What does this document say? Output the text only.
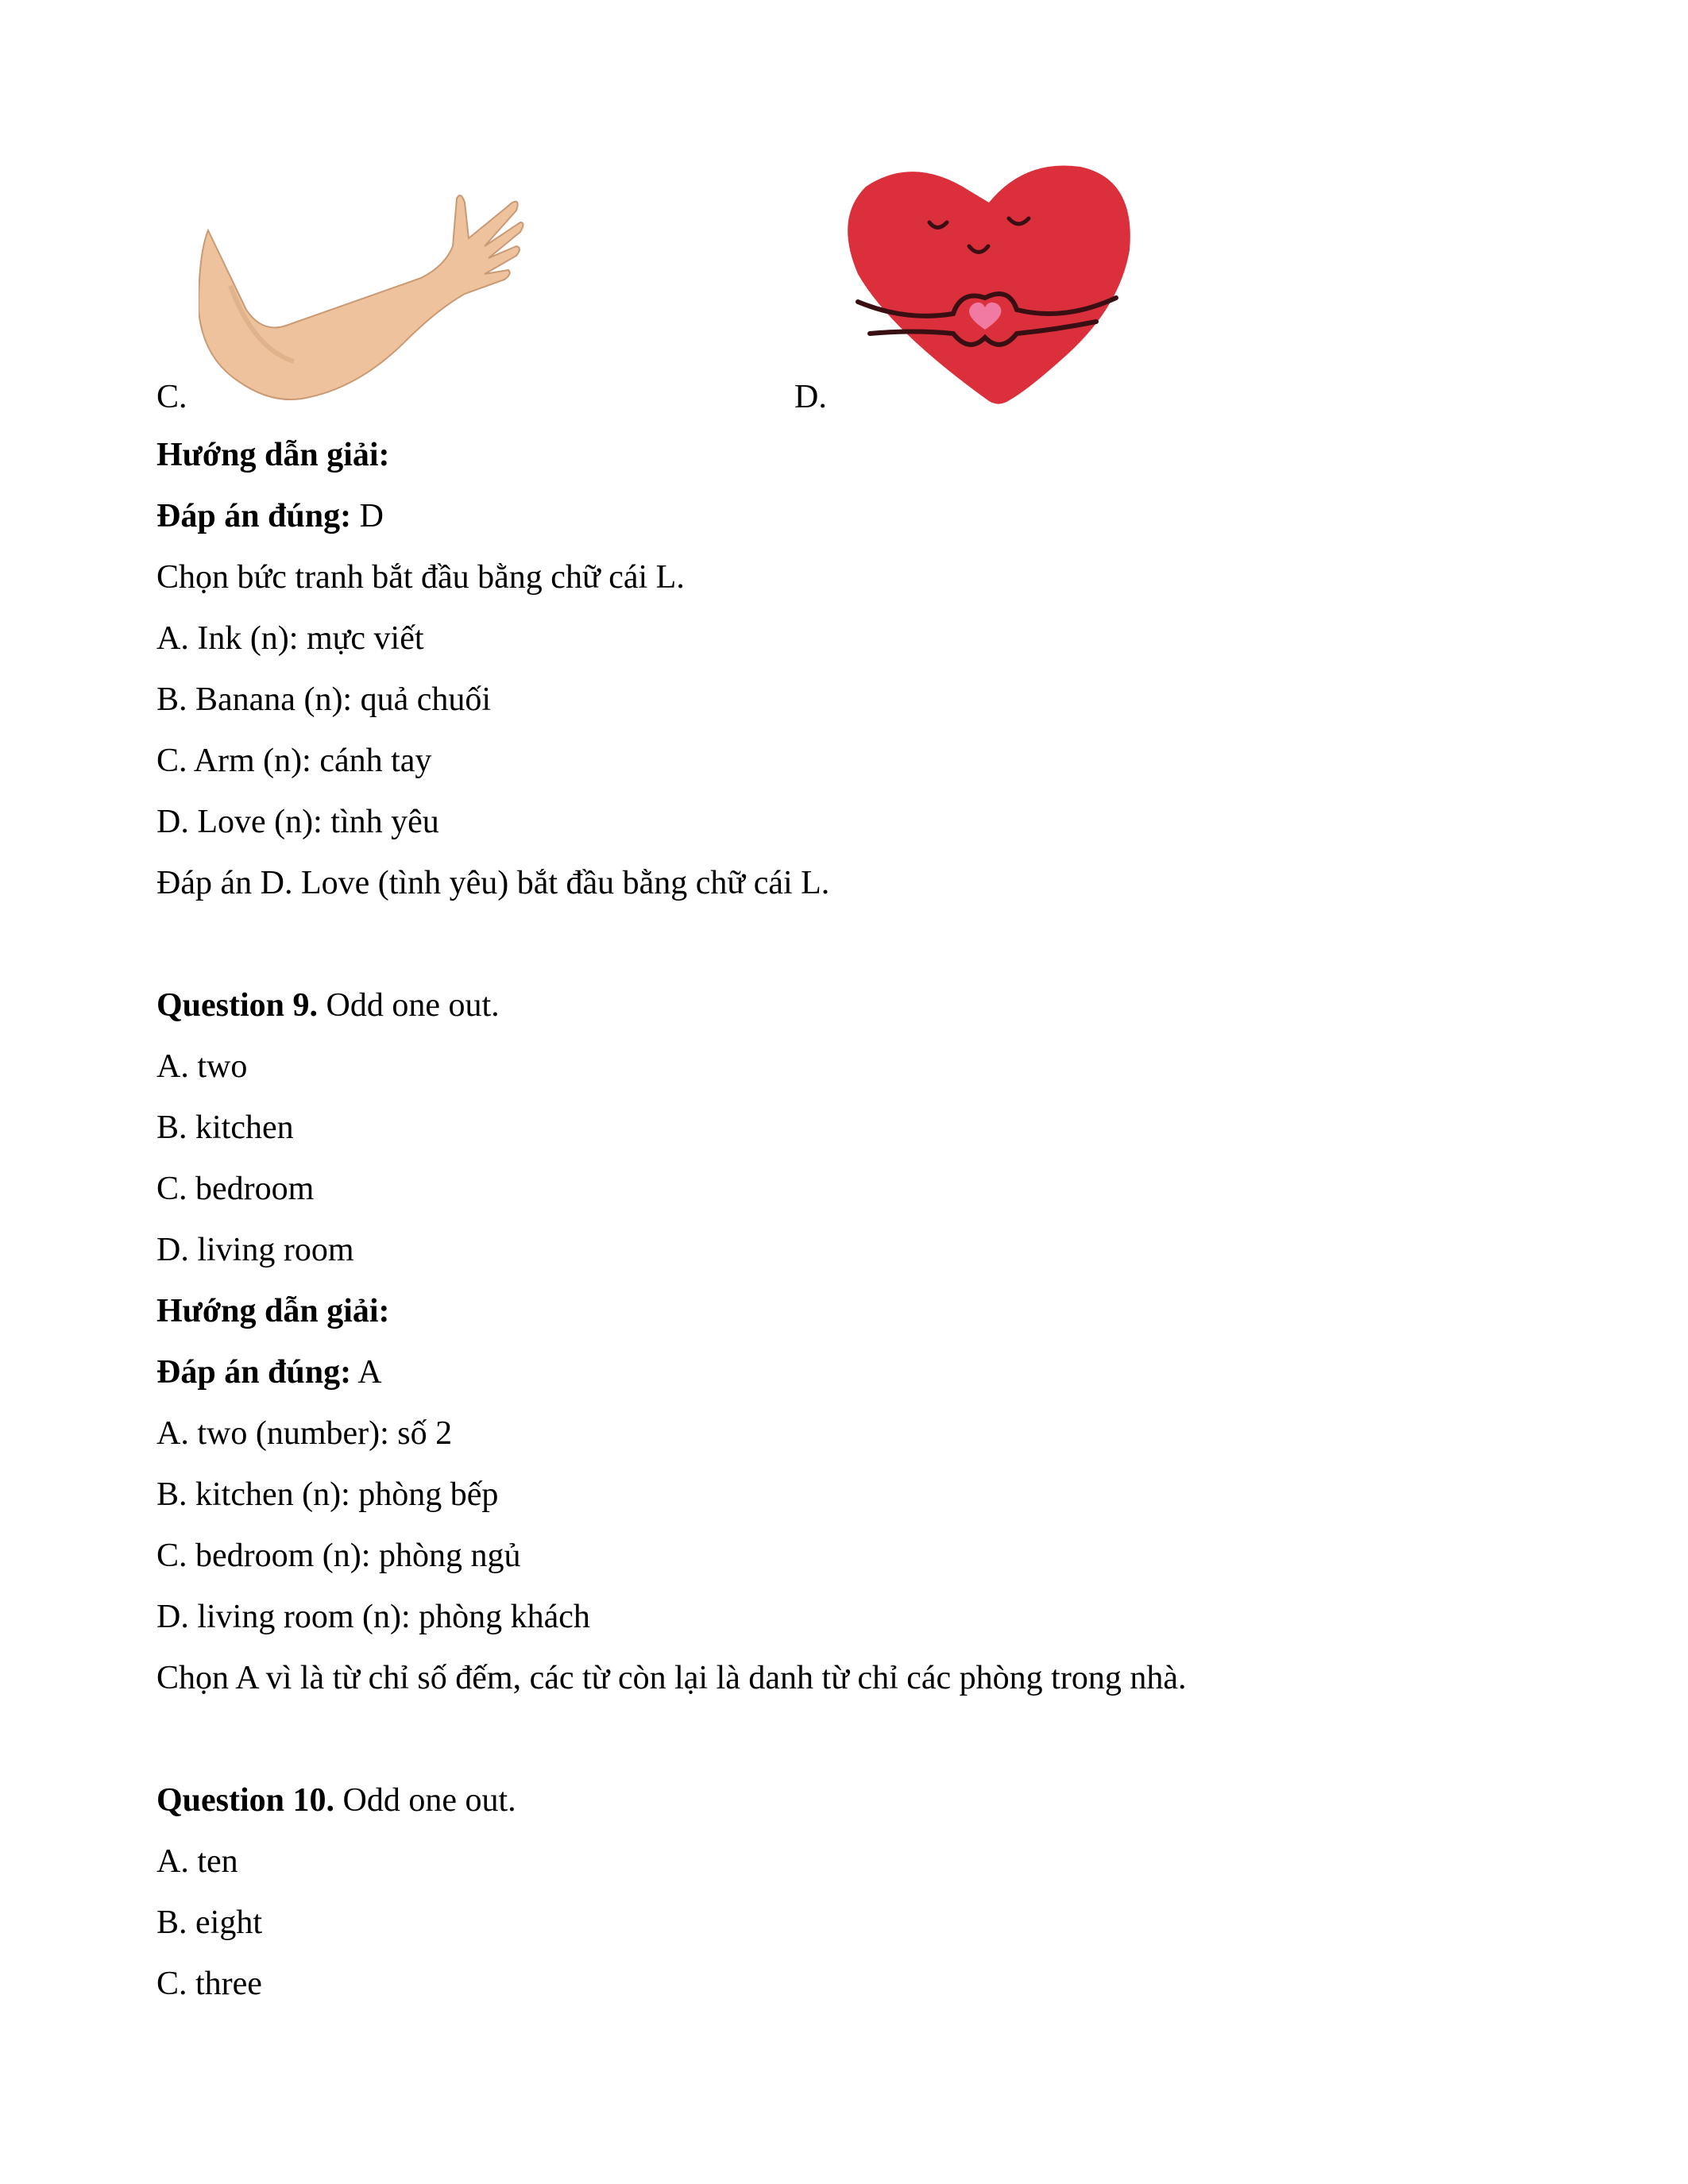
C.	D.
Hướng dẫn giải:
Đáp án đúng: D
Chọn bức tranh bắt đầu bằng chữ cái L.
A. Ink (n): mực viết
B. Banana (n): quả chuối
C. Arm (n): cánh tay
D. Love (n): tình yêu
Đáp án D. Love (tình yêu) bắt đầu bằng chữ cái L.
Question 9. Odd one out.
A. two
B. kitchen
C. bedroom
D. living room
Hướng dẫn giải:
Đáp án đúng: A
A. two (number): số 2
B. kitchen (n): phòng bếp
C. bedroom (n): phòng ngủ
D. living room (n): phòng khách
Chọn A vì là từ chỉ số đếm, các từ còn lại là danh từ chỉ các phòng trong nhà.
Question 10. Odd one out.
A. ten
B. eight
C. three
